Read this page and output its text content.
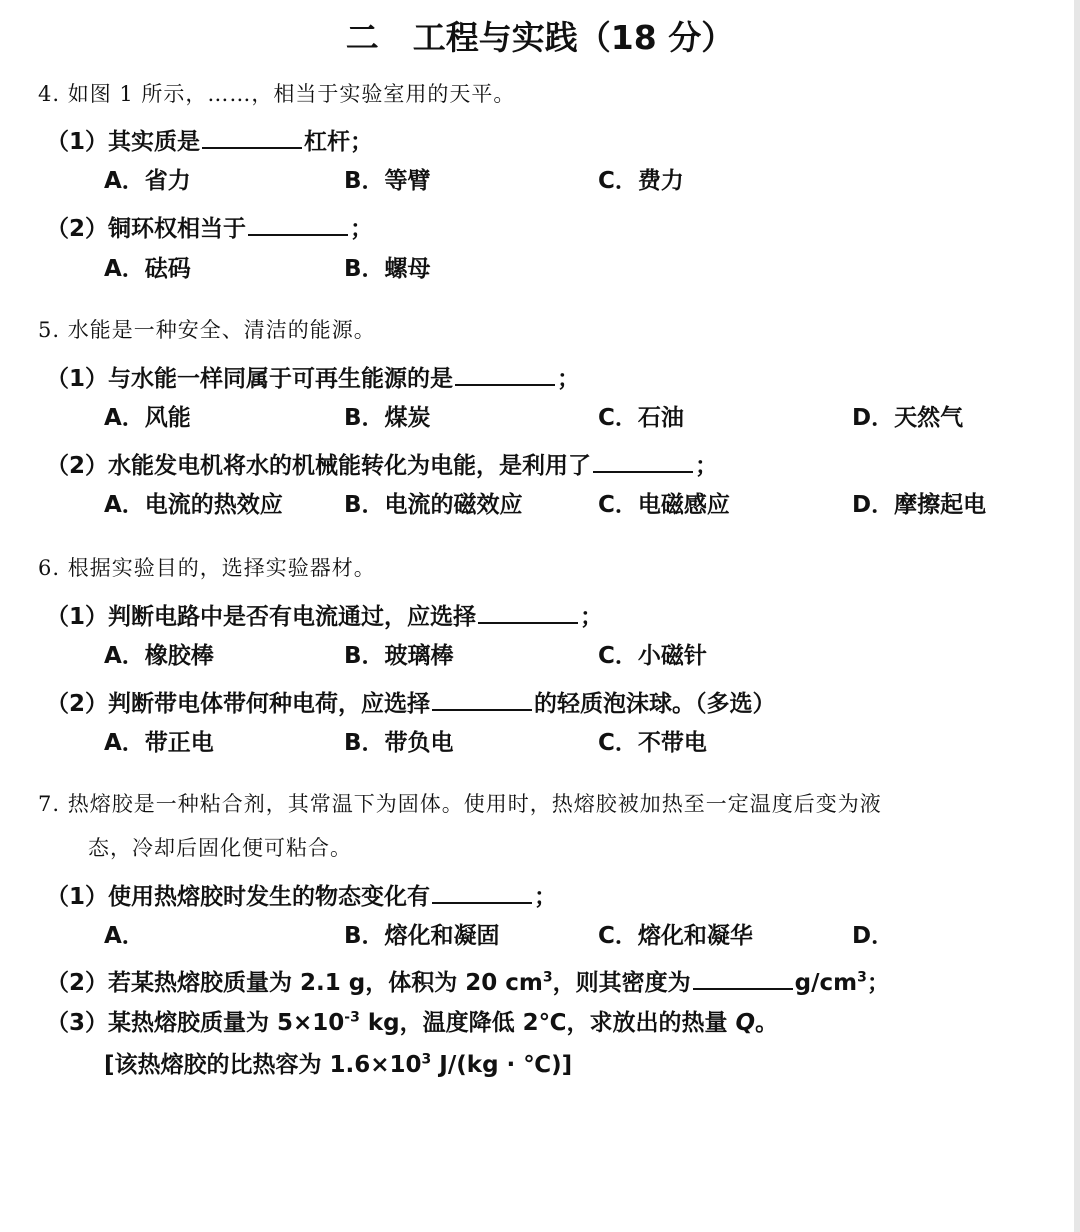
二 工程与实践（18 分）
4. 如图 1 所示，……，相当于实验室用的天平。
（1）其实质是	杠杆；
A．省力	B．等臂	C．费力
（2）铜环权相当于	；
A．砝码	B．螺母
5. 水能是一种安全、清洁的能源。
（1）与水能一样同属于可再生能源的是	；
A．风能	B．煤炭	C．石油	D．天然气
（2）水能发电机将水的机械能转化为电能，是利用了	；
A．电流的热效应	B．电流的磁效应	C．电磁感应	D．摩擦起电
6. 根据实验目的，选择实验器材。
（1）判断电路中是否有电流通过，应选择	；
A．橡胶棒	B．玻璃棒	C．小磁针
（2）判断带电体带何种电荷，应选择	的轻质泡沫球。（多选）
A．带正电	B．带负电	C．不带电
7. 热熔胶是一种粘合剂，其常温下为固体。使用时，热熔胶被加热至一定温度后变为液
态，冷却后固化便可粘合。
（1）使用热熔胶时发生的物态变化有	；
A．	B．熔化和凝固	C．熔化和凝华	D．
（2）若某热熔胶质量为 2.1 g，体积为 20 $cm^3$，则其密度为	$g/cm^3$；
（3）某热熔胶质量为 $5\times 10^{-3}$ kg，温度降低 2℃，求放出的热量 Q。
[该热熔胶的比热容为 $1.6\times 10^3$ J/(kg · ℃)]
